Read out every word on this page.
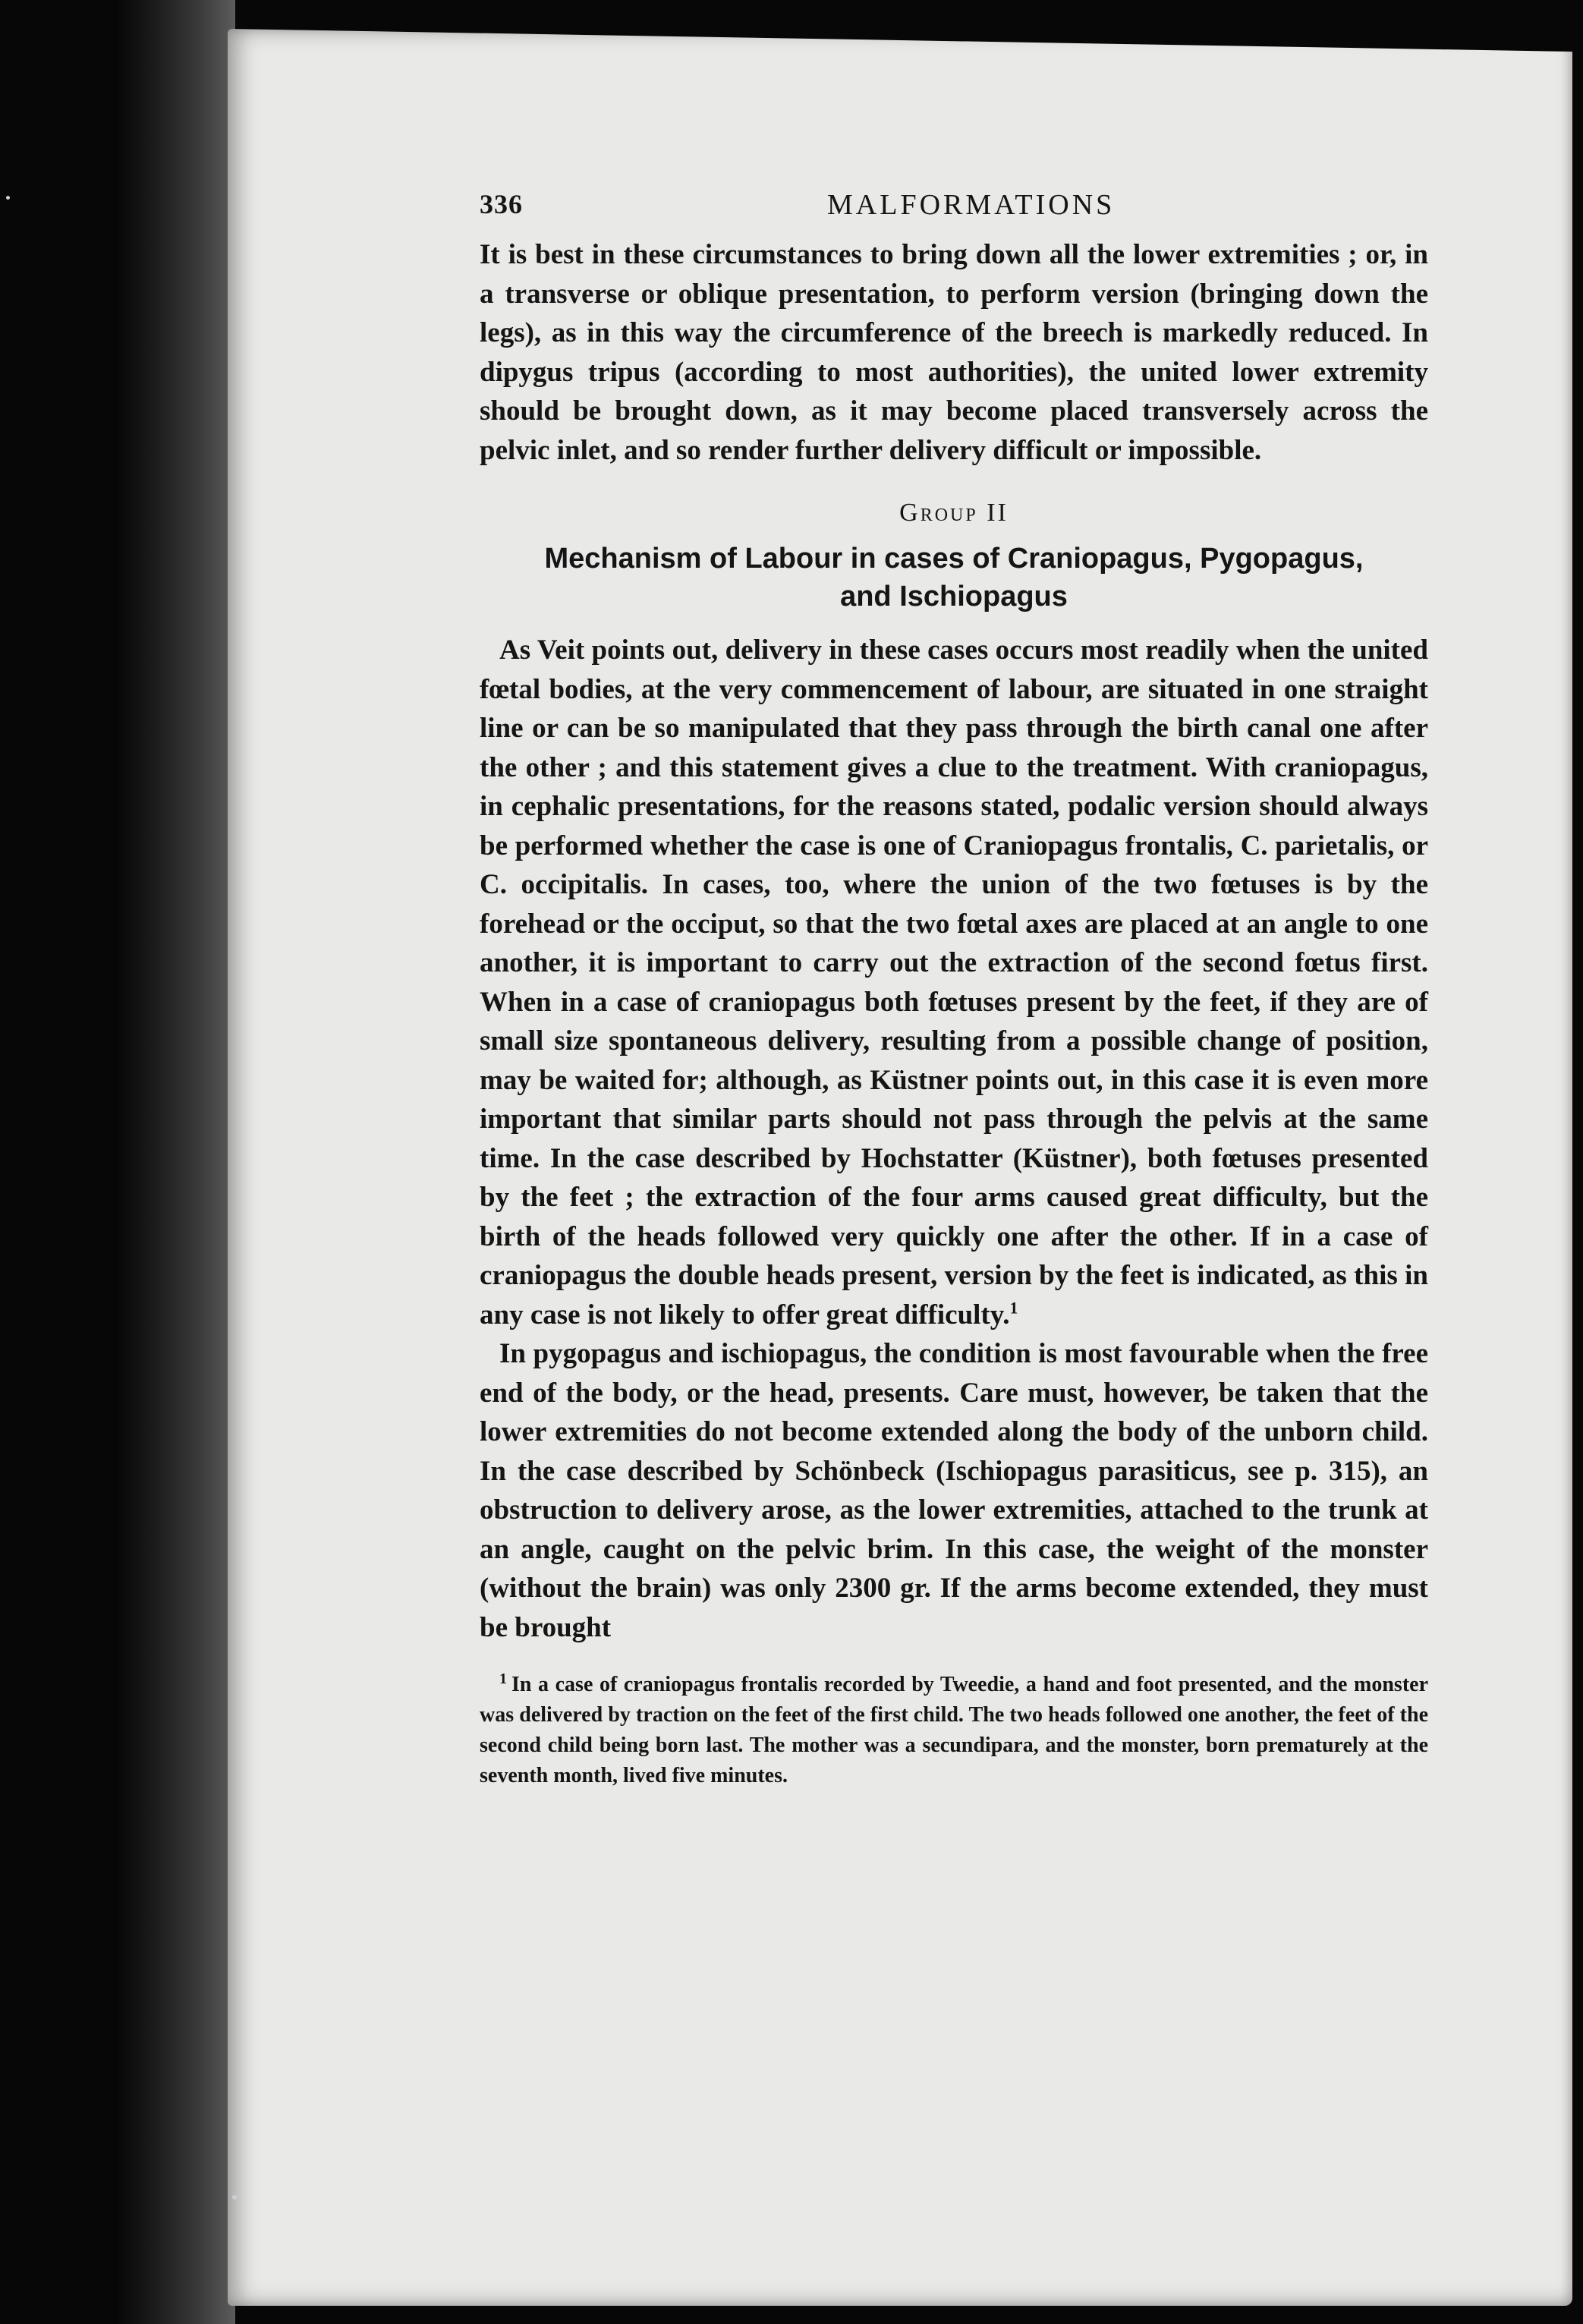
336	MALFORMATIONS

It is best in these circumstances to bring down all the lower extremities ; or, in a transverse or oblique presentation, to perform version (bringing down the legs), as in this way the circumference of the breech is markedly reduced. In dipygus tripus (according to most authorities), the united lower extremity should be brought down, as it may become placed transversely across the pelvic inlet, and so render further delivery difficult or impossible.

Group II
Mechanism of Labour in cases of Craniopagus, Pygopagus,
and Ischiopagus

As Veit points out, delivery in these cases occurs most readily when the united fœtal bodies, at the very commencement of labour, are situated in one straight line or can be so manipulated that they pass through the birth canal one after the other ; and this statement gives a clue to the treatment. With craniopagus, in cephalic presentations, for the reasons stated, podalic version should always be performed whether the case is one of Craniopagus frontalis, C. parietalis, or C. occipitalis. In cases, too, where the union of the two fœtuses is by the forehead or the occiput, so that the two fœtal axes are placed at an angle to one another, it is important to carry out the extraction of the second fœtus first. When in a case of craniopagus both fœtuses present by the feet, if they are of small size spontaneous delivery, resulting from a possible change of position, may be waited for; although, as Küstner points out, in this case it is even more important that similar parts should not pass through the pelvis at the same time. In the case described by Hochstatter (Küstner), both fœtuses presented by the feet ; the extraction of the four arms caused great difficulty, but the birth of the heads followed very quickly one after the other. If in a case of craniopagus the double heads present, version by the feet is indicated, as this in any case is not likely to offer great difficulty.$^1$

In pygopagus and ischiopagus, the condition is most favourable when the free end of the body, or the head, presents. Care must, however, be taken that the lower extremities do not become extended along the body of the unborn child. In the case described by Schönbeck (Ischiopagus parasiticus, see p. 315), an obstruction to delivery arose, as the lower extremities, attached to the trunk at an angle, caught on the pelvic brim. In this case, the weight of the monster (without the brain) was only 2300 gr. If the arms become extended, they must be brought

$^1$ In a case of craniopagus frontalis recorded by Tweedie, a hand and foot presented, and the monster was delivered by traction on the feet of the first child. The two heads followed one another, the feet of the second child being born last. The mother was a secundipara, and the monster, born prematurely at the seventh month, lived five minutes.
